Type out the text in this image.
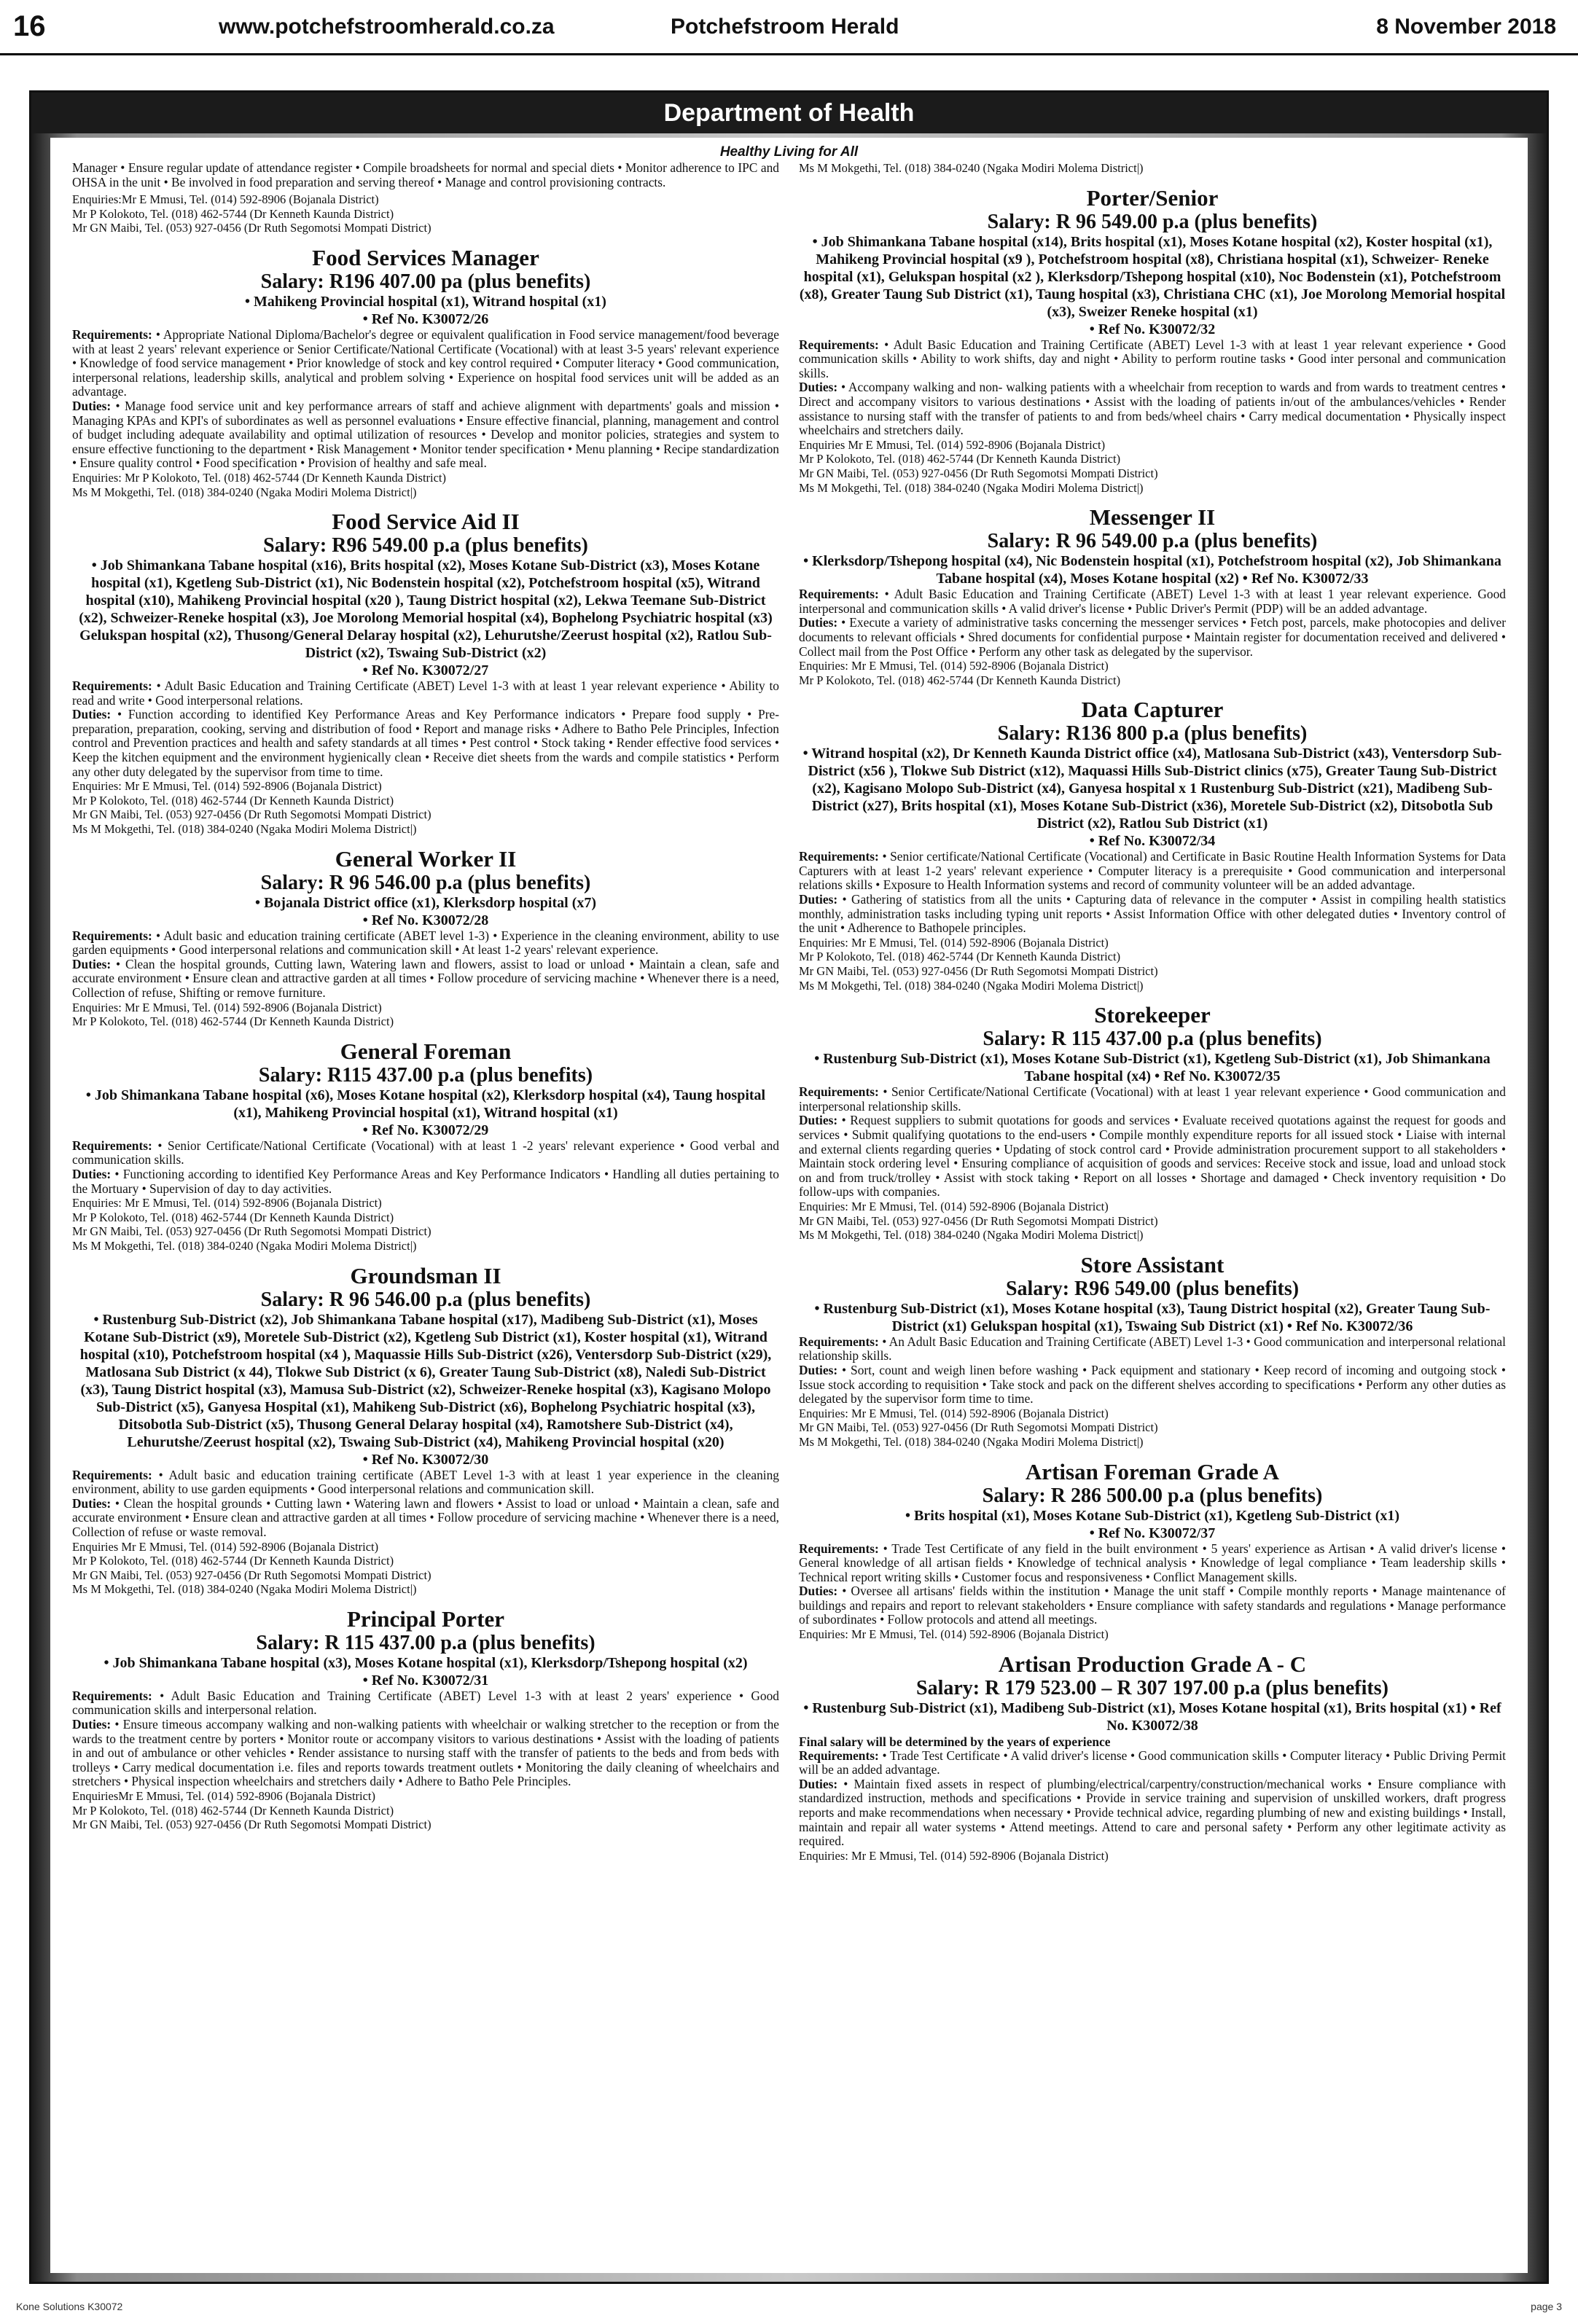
16	www.potchefstroomherald.co.za	Potchefstroom Herald	8 November 2018
Department of Health
Healthy Living for All

Manager • Ensure regular update of attendance register • Compile broadsheets for normal and special diets • Monitor adherence to IPC and OHSA in the unit • Be involved in food preparation and serving thereof • Manage and control provisioning contracts.

Enquiries:Mr E Mmusi, Tel. (014) 592-8906 (Bojanala District)
Mr P Kolokoto, Tel. (018) 462-5744 (Dr Kenneth Kaunda District)
Mr GN Maibi, Tel. (053) 927-0456 (Dr Ruth Segomotsi Mompati District)
Food Services Manager
Salary: R196 407.00 pa (plus benefits)
• Mahikeng Provincial hospital (x1), Witrand hospital (x1)
• Ref No. K30072/26

Requirements: • Appropriate National Diploma/Bachelor's degree or equivalent qualification in Food service management/food beverage with at least 2 years' relevant experience or Senior Certificate/National Certificate (Vocational) with at least 3-5 years' relevant experience • Knowledge of food service management • Prior knowledge of stock and key control required • Computer literacy • Good communication, interpersonal relations, leadership skills, analytical and problem solving • Experience on hospital food services unit will be added as an advantage.

Duties: • Manage food service unit and key performance arrears of staff and achieve alignment with departments' goals and mission • Managing KPAs and KPI's of subordinates as well as personnel evaluations • Ensure effective financial, planning, management and control of budget including adequate availability and optimal utilization of resources • Develop and monitor policies, strategies and system to ensure effective functioning to the department • Risk Management • Monitor tender specification • Menu planning • Recipe standardization • Ensure quality control • Food specification • Provision of healthy and safe meal.

Enquiries: Mr P Kolokoto, Tel. (018) 462-5744 (Dr Kenneth Kaunda District)
Ms M Mokgethi, Tel. (018) 384-0240 (Ngaka Modiri Molema District|)
Food Service Aid II
Salary: R96 549.00 p.a (plus benefits)
• Job Shimankana Tabane hospital (x16), Brits hospital (x2), Moses Kotane Sub-District (x3), Moses Kotane hospital (x1), Kgetleng Sub-District (x1), Nic Bodenstein hospital (x2), Potchefstroom hospital (x5), Witrand hospital (x10), Mahikeng Provincial hospital (x20 ), Taung District hospital (x2), Lekwa Teemane Sub-District (x2), Schweizer-Reneke hospital (x3), Joe Morolong Memorial hospital (x4), Bophelong Psychiatric hospital (x3) Gelukspan hospital (x2), Thusong/General Delaray hospital (x2), Lehurutshe/Zeerust hospital (x2), Ratlou Sub-District (x2), Tswaing Sub-District (x2)
• Ref No. K30072/27

Requirements: • Adult Basic Education and Training Certificate (ABET) Level 1-3 with at least 1 year relevant experience • Ability to read and write • Good interpersonal relations.

Duties: • Function according to identified Key Performance Areas and Key Performance indicators • Prepare food supply • Pre-preparation, preparation, cooking, serving and distribution of food • Report and manage risks • Adhere to Batho Pele Principles, Infection control and Prevention practices and health and safety standards at all times • Pest control • Stock taking • Render effective food services • Keep the kitchen equipment and the environment hygienically clean • Receive diet sheets from the wards and compile statistics • Perform any other duty delegated by the supervisor from time to time.

Enquiries: Mr E Mmusi, Tel. (014) 592-8906 (Bojanala District)
Mr P Kolokoto, Tel. (018) 462-5744 (Dr Kenneth Kaunda District)
Mr GN Maibi, Tel. (053) 927-0456 (Dr Ruth Segomotsi Mompati District)
Ms M Mokgethi, Tel. (018) 384-0240 (Ngaka Modiri Molema District|)
General Worker II
Salary: R 96 546.00 p.a (plus benefits)
• Bojanala District office (x1), Klerksdorp hospital (x7)
• Ref No. K30072/28

Requirements: • Adult basic and education training certificate (ABET level 1-3) • Experience in the cleaning environment, ability to use garden equipments • Good interpersonal relations and communication skill • At least 1-2 years' relevant experience.

Duties: • Clean the hospital grounds, Cutting lawn, Watering lawn and flowers, assist to load or unload • Maintain a clean, safe and accurate environment • Ensure clean and attractive garden at all times • Follow procedure of servicing machine • Whenever there is a need, Collection of refuse, Shifting or remove furniture.

Enquiries: Mr E Mmusi, Tel. (014) 592-8906 (Bojanala District)
Mr P Kolokoto, Tel. (018) 462-5744 (Dr Kenneth Kaunda District)
General Foreman
Salary: R115 437.00 p.a (plus benefits)
• Job Shimankana Tabane hospital (x6), Moses Kotane hospital (x2), Klerksdorp hospital (x4), Taung hospital (x1), Mahikeng Provincial hospital (x1), Witrand hospital (x1)
• Ref No. K30072/29

Requirements: • Senior Certificate/National Certificate (Vocational) with at least 1 -2 years' relevant experience • Good verbal and communication skills.

Duties: • Functioning according to identified Key Performance Areas and Key Performance Indicators • Handling all duties pertaining to the Mortuary • Supervision of day to day activities.

Enquiries: Mr E Mmusi, Tel. (014) 592-8906 (Bojanala District)
Mr P Kolokoto, Tel. (018) 462-5744 (Dr Kenneth Kaunda District)
Mr GN Maibi, Tel. (053) 927-0456 (Dr Ruth Segomotsi Mompati District)
Ms M Mokgethi, Tel. (018) 384-0240 (Ngaka Modiri Molema District|)
Groundsman II
Salary: R 96 546.00 p.a (plus benefits)
• Rustenburg Sub-District (x2), Job Shimankana Tabane hospital (x17), Madibeng Sub-District (x1), Moses Kotane Sub-District (x9), Moretele Sub-District (x2), Kgetleng Sub District (x1), Koster hospital (x1), Witrand hospital (x10), Potchefstroom hospital (x4 ), Maquassie Hills Sub-District (x26), Ventersdorp Sub-District (x29), Matlosana Sub District (x 44), Tlokwe Sub District (x 6), Greater Taung Sub-District (x8), Naledi Sub-District (x3), Taung District hospital (x3), Mamusa Sub-District (x2), Schweizer-Reneke hospital (x3), Kagisano Molopo Sub-District (x5), Ganyesa Hospital (x1), Mahikeng Sub-District (x6), Bophelong Psychiatric hospital (x3), Ditsobotla Sub-District (x5), Thusong General Delaray hospital (x4), Ramotshere Sub-District (x4), Lehurutshe/Zeerust hospital (x2), Tswaing Sub-District (x4), Mahikeng Provincial hospital (x20)
• Ref No. K30072/30

Requirements: • Adult basic and education training certificate (ABET Level 1-3 with at least 1 year experience in the cleaning environment, ability to use garden equipments • Good interpersonal relations and communication skill.

Duties: • Clean the hospital grounds • Cutting lawn • Watering lawn and flowers • Assist to load or unload • Maintain a clean, safe and accurate environment • Ensure clean and attractive garden at all times • Follow procedure of servicing machine • Whenever there is a need, Collection of refuse or waste removal.

Enquiries Mr E Mmusi, Tel. (014) 592-8906 (Bojanala District)
Mr P Kolokoto, Tel. (018) 462-5744 (Dr Kenneth Kaunda District)
Mr GN Maibi, Tel. (053) 927-0456 (Dr Ruth Segomotsi Mompati District)
Ms M Mokgethi, Tel. (018) 384-0240 (Ngaka Modiri Molema District|)
Principal Porter
Salary: R 115 437.00 p.a (plus benefits)
• Job Shimankana Tabane hospital (x3), Moses Kotane hospital (x1), Klerksdorp/Tshepong hospital (x2)
• Ref No. K30072/31

Requirements: • Adult Basic Education and Training Certificate (ABET) Level 1-3 with at least 2 years' experience • Good communication skills and interpersonal relation.

Duties: • Ensure timeous accompany walking and non-walking patients with wheelchair or walking stretcher to the reception or from the wards to the treatment centre by porters • Monitor route or accompany visitors to various destinations • Assist with the loading of patients in and out of ambulance or other vehicles • Render assistance to nursing staff with the transfer of patients to the beds and from beds with trolleys • Carry medical documentation i.e. files and reports towards treatment outlets • Monitoring the daily cleaning of wheelchairs and stretchers • Physical inspection wheelchairs and stretchers daily • Adhere to Batho Pele Principles.

EnquiriesMr E Mmusi, Tel. (014) 592-8906 (Bojanala District)
Mr P Kolokoto, Tel. (018) 462-5744 (Dr Kenneth Kaunda District)
Mr GN Maibi, Tel. (053) 927-0456 (Dr Ruth Segomotsi Mompati District)
Ms M Mokgethi, Tel. (018) 384-0240 (Ngaka Modiri Molema District|)
Porter/Senior
Salary: R 96 549.00 p.a (plus benefits)
• Job Shimankana Tabane hospital (x14), Brits hospital (x1), Moses Kotane hospital (x2), Koster hospital (x1), Mahikeng Provincial hospital (x9 ), Potchefstroom hospital (x8), Christiana hospital (x1), Schweizer- Reneke hospital (x1), Gelukspan hospital (x2 ), Klerksdorp/Tshepong hospital (x10), Noc Bodenstein (x1), Potchefstroom (x8), Greater Taung Sub District (x1), Taung hospital (x3), Christiana CHC (x1), Joe Morolong Memorial hospital (x3), Sweizer Reneke hospital (x1)
• Ref No. K30072/32

Requirements: • Adult Basic Education and Training Certificate (ABET) Level 1-3 with at least 1 year relevant experience • Good communication skills • Ability to work shifts, day and night • Ability to perform routine tasks • Good inter personal and communication skills.

Duties: • Accompany walking and non- walking patients with a wheelchair from reception to wards and from wards to treatment centres • Direct and accompany visitors to various destinations • Assist with the loading of patients in/out of the ambulances/vehicles • Render assistance to nursing staff with the transfer of patients to and from beds/wheel chairs • Carry medical documentation • Physically inspect wheelchairs and stretchers daily.

Enquiries Mr E Mmusi, Tel. (014) 592-8906 (Bojanala District)
Mr P Kolokoto, Tel. (018) 462-5744 (Dr Kenneth Kaunda District)
Mr GN Maibi, Tel. (053) 927-0456 (Dr Ruth Segomotsi Mompati District)
Ms M Mokgethi, Tel. (018) 384-0240 (Ngaka Modiri Molema District|)
Messenger II
Salary: R 96 549.00 p.a (plus benefits)
• Klerksdorp/Tshepong hospital (x4), Nic Bodenstein hospital (x1), Potchefstroom hospital (x2), Job Shimankana Tabane hospital (x4), Moses Kotane hospital (x2) • Ref No. K30072/33

Requirements: • Adult Basic Education and Training Certificate (ABET) Level 1-3 with at least 1 year relevant experience. Good interpersonal and communication skills • A valid driver's license • Public Driver's Permit (PDP) will be an added advantage.

Duties: • Execute a variety of administrative tasks concerning the messenger services • Fetch post, parcels, make photocopies and deliver documents to relevant officials • Shred documents for confidential purpose • Maintain register for documentation received and delivered • Collect mail from the Post Office • Perform any other task as delegated by the supervisor.

Enquiries: Mr E Mmusi, Tel. (014) 592-8906 (Bojanala District)
Mr P Kolokoto, Tel. (018) 462-5744 (Dr Kenneth Kaunda District)
Data Capturer
Salary: R136 800 p.a (plus benefits)
• Witrand hospital (x2), Dr Kenneth Kaunda District office (x4), Matlosana Sub-District (x43), Ventersdorp Sub-District (x56 ), Tlokwe Sub District (x12), Maquassi Hills Sub-District clinics (x75), Greater Taung Sub-District (x2), Kagisano Molopo Sub-District (x4), Ganyesa hospital x 1 Rustenburg Sub-District (x21), Madibeng Sub-District (x27), Brits hospital (x1), Moses Kotane Sub-District (x36), Moretele Sub-District (x2), Ditsobotla Sub District (x2), Ratlou Sub District (x1)
• Ref No. K30072/34

Requirements: • Senior certificate/National Certificate (Vocational) and Certificate in Basic Routine Health Information Systems for Data Capturers with at least 1-2 years' relevant experience • Computer literacy is a prerequisite • Good communication and interpersonal relations skills • Exposure to Health Information systems and record of community volunteer will be an added advantage.

Duties: • Gathering of statistics from all the units • Capturing data of relevance in the computer • Assist in compiling health statistics monthly, administration tasks including typing unit reports • Assist Information Office with other delegated duties • Inventory control of the unit • Adherence to Bathopele principles.

Enquiries: Mr E Mmusi, Tel. (014) 592-8906 (Bojanala District)
Mr P Kolokoto, Tel. (018) 462-5744 (Dr Kenneth Kaunda District)
Mr GN Maibi, Tel. (053) 927-0456 (Dr Ruth Segomotsi Mompati District)
Ms M Mokgethi, Tel. (018) 384-0240 (Ngaka Modiri Molema District|)
Storekeeper
Salary: R 115 437.00 p.a (plus benefits)
• Rustenburg Sub-District (x1), Moses Kotane Sub-District (x1), Kgetleng Sub-District (x1), Job Shimankana Tabane hospital (x4) • Ref No. K30072/35

Requirements: • Senior Certificate/National Certificate (Vocational) with at least 1 year relevant experience • Good communication and interpersonal relationship skills.

Duties: • Request suppliers to submit quotations for goods and services • Evaluate received quotations against the request for goods and services • Submit qualifying quotations to the end-users • Compile monthly expenditure reports for all issued stock • Liaise with internal and external clients regarding queries • Updating of stock control card • Provide administration procurement support to all stakeholders • Maintain stock ordering level • Ensuring compliance of acquisition of goods and services: Receive stock and issue, load and unload stock on and from truck/trolley • Assist with stock taking • Report on all losses • Shortage and damaged • Check inventory requisition • Do follow-ups with companies.

Enquiries: Mr E Mmusi, Tel. (014) 592-8906 (Bojanala District)
Mr GN Maibi, Tel. (053) 927-0456 (Dr Ruth Segomotsi Mompati District)
Ms M Mokgethi, Tel. (018) 384-0240 (Ngaka Modiri Molema District|)
Store Assistant
Salary: R96 549.00 (plus benefits)
• Rustenburg Sub-District (x1), Moses Kotane hospital (x3), Taung District hospital (x2), Greater Taung Sub-District (x1) Gelukspan hospital (x1), Tswaing Sub District (x1) • Ref No. K30072/36

Requirements: • An Adult Basic Education and Training Certificate (ABET) Level 1-3 • Good communication and interpersonal relational relationship skills.

Duties: • Sort, count and weigh linen before washing • Pack equipment and stationary • Keep record of incoming and outgoing stock • Issue stock according to requisition • Take stock and pack on the different shelves according to specifications • Perform any other duties as delegated by the supervisor form time to time.

Enquiries: Mr E Mmusi, Tel. (014) 592-8906 (Bojanala District)
Mr GN Maibi, Tel. (053) 927-0456 (Dr Ruth Segomotsi Mompati District)
Ms M Mokgethi, Tel. (018) 384-0240 (Ngaka Modiri Molema District|)
Artisan Foreman Grade A
Salary: R 286 500.00 p.a (plus benefits)
• Brits hospital (x1), Moses Kotane Sub-District (x1), Kgetleng Sub-District (x1)
• Ref No. K30072/37

Requirements: • Trade Test Certificate of any field in the built environment • 5 years' experience as Artisan • A valid driver's license • General knowledge of all artisan fields • Knowledge of technical analysis • Knowledge of legal compliance • Team leadership skills • Technical report writing skills • Customer focus and responsiveness • Conflict Management skills.

Duties: • Oversee all artisans' fields within the institution • Manage the unit staff • Compile monthly reports • Manage maintenance of buildings and repairs and report to relevant stakeholders • Ensure compliance with safety standards and regulations • Manage performance of subordinates • Follow protocols and attend all meetings.

Enquiries: Mr E Mmusi, Tel. (014) 592-8906 (Bojanala District)
Artisan Production Grade A - C
Salary: R 179 523.00 – R 307 197.00 p.a (plus benefits)
• Rustenburg Sub-District (x1), Madibeng Sub-District (x1), Moses Kotane hospital (x1), Brits hospital (x1) • Ref No. K30072/38
Final salary will be determined by the years of experience

Requirements: • Trade Test Certificate • A valid driver's license • Good communication skills • Computer literacy • Public Driving Permit will be an added advantage.

Duties: • Maintain fixed assets in respect of plumbing/electrical/carpentry/construction/mechanical works • Ensure compliance with standardized instruction, methods and specifications • Provide in service training and supervision of unskilled workers, draft progress reports and make recommendations when necessary • Provide technical advice, regarding plumbing of new and existing buildings • Install, maintain and repair all water systems • Attend meetings. Attend to care and personal safety • Perform any other legitimate activity as required.

Enquiries: Mr E Mmusi, Tel. (014) 592-8906 (Bojanala District)
Kone Solutions K30072	page 3
